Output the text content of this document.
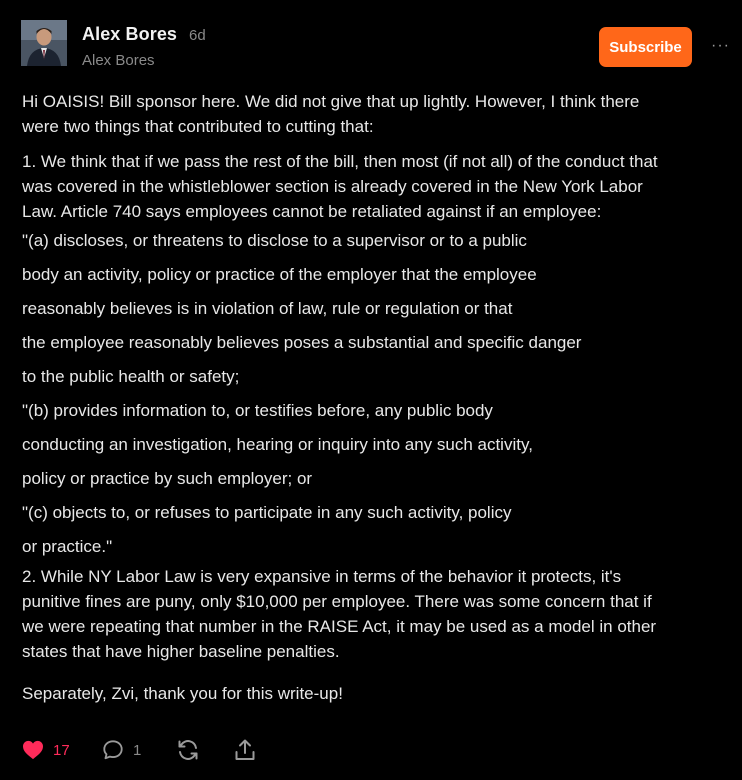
Alex Bores 6d
Alex Bores
Subscribe	···

Hi OAISIS! Bill sponsor here. We did not give that up lightly. However, I think there
were two things that contributed to cutting that:

1. We think that if we pass the rest of the bill, then most (if not all) of the conduct that
was covered in the whistleblower section is already covered in the New York Labor
Law. Article 740 says employees cannot be retaliated against if an employee:

"(a) discloses, or threatens to disclose to a supervisor or to a public

body an activity, policy or practice of the employer that the employee

reasonably believes is in violation of law, rule or regulation or that

the employee reasonably believes poses a substantial and specific danger

to the public health or safety;

"(b) provides information to, or testifies before, any public body

conducting an investigation, hearing or inquiry into any such activity,

policy or practice by such employer; or

"(c) objects to, or refuses to participate in any such activity, policy

or practice."

2. While NY Labor Law is very expansive in terms of the behavior it protects, it's
punitive fines are puny, only $10,000 per employee. There was some concern that if
we were repeating that number in the RAISE Act, it may be used as a model in other
states that have higher baseline penalties.

Separately, Zvi, thank you for this write-up!

17	1
